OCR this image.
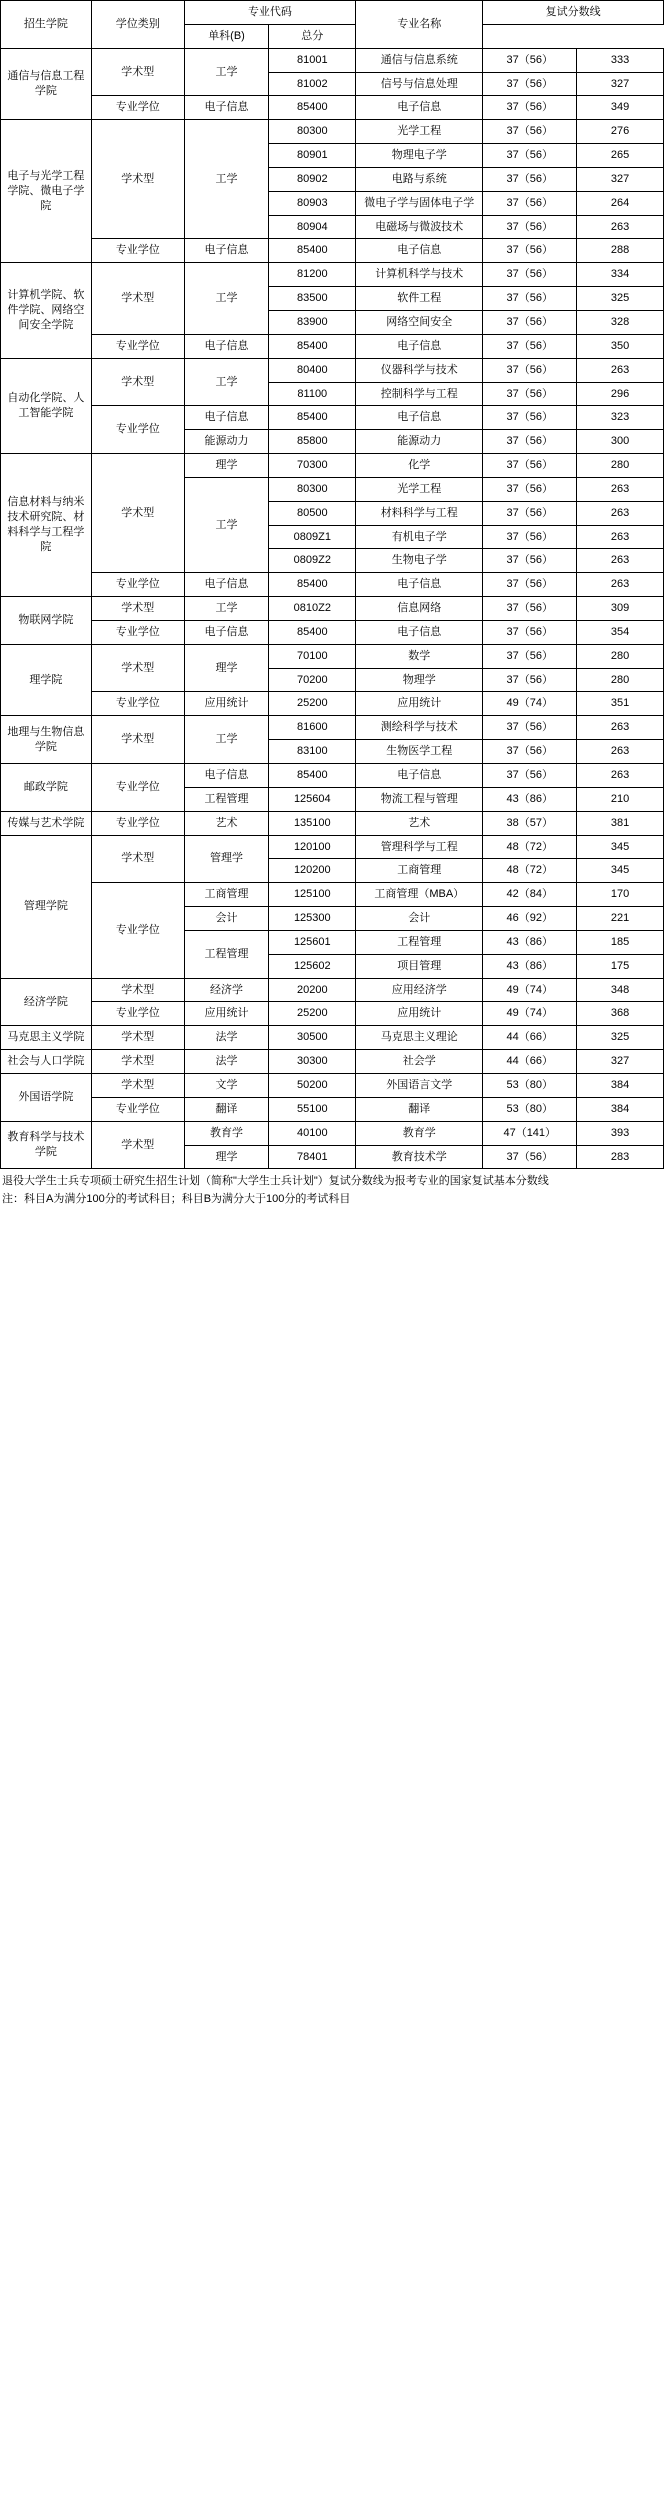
招生学院	学位类别	专业代码		专业名称	复试分数线	
		单科(B)	总分			
通信与信息工程学院	学术型	工学	81001	通信与信息系统	37（56）	333
			81002	信号与信息处理	37（56）	327
	专业学位	电子信息	85400	电子信息	37（56）	349
电子与光学工程学院、微电子学院	学术型	工学	80300	光学工程	37（56）	276
			80901	物理电子学	37（56）	265
			80902	电路与系统	37（56）	327
			80903	微电子学与固体电子学	37（56）	264
			80904	电磁场与微波技术	37（56）	263
	专业学位	电子信息	85400	电子信息	37（56）	288
计算机学院、软件学院、网络空间安全学院	学术型	工学	81200	计算机科学与技术	37（56）	334
			83500	软件工程	37（56）	325
			83900	网络空间安全	37（56）	328
	专业学位	电子信息	85400	电子信息	37（56）	350
自动化学院、人工智能学院	学术型	工学	80400	仪器科学与技术	37（56）	263
			81100	控制科学与工程	37（56）	296
	专业学位	电子信息	85400	电子信息	37（56）	323
		能源动力	85800	能源动力	37（56）	300
信息材料与纳米技术研究院、材料科学与工程学院	学术型	理学	70300	化学	37（56）	280
		工学	80300	光学工程	37（56）	263
			80500	材料科学与工程	37（56）	263
			0809Z1	有机电子学	37（56）	263
			0809Z2	生物电子学	37（56）	263
	专业学位	电子信息	85400	电子信息	37（56）	263
物联网学院	学术型	工学	0810Z2	信息网络	37（56）	309
	专业学位	电子信息	85400	电子信息	37（56）	354
理学院	学术型	理学	70100	数学	37（56）	280
			70200	物理学	37（56）	280
	专业学位	应用统计	25200	应用统计	49（74）	351
地理与生物信息学院	学术型	工学	81600	测绘科学与技术	37（56）	263
			83100	生物医学工程	37（56）	263
邮政学院	专业学位	电子信息	85400	电子信息	37（56）	263
		工程管理	125604	物流工程与管理	43（86）	210
传媒与艺术学院	专业学位	艺术	135100	艺术	38（57）	381
管理学院	学术型	管理学	120100	管理科学与工程	48（72）	345
			120200	工商管理	48（72）	345
	专业学位	工商管理	125100	工商管理（MBA）	42（84）	170
		会计	125300	会计	46（92）	221
		工程管理	125601	工程管理	43（86）	185
			125602	项目管理	43（86）	175
经济学院	学术型	经济学	20200	应用经济学	49（74）	348
	专业学位	应用统计	25200	应用统计	49（74）	368
马克思主义学院	学术型	法学	30500	马克思主义理论	44（66）	325
社会与人口学院	学术型	法学	30300	社会学	44（66）	327
外国语学院	学术型	文学	50200	外国语言文学	53（80）	384
	专业学位	翻译	55100	翻译	53（80）	384
教育科学与技术学院	学术型	教育学	40100	教育学	47（141）	393
		理学	78401	教育技术学	37（56）	283
退役大学生士兵专项硕士研究生招生计划（简称"大学生士兵计划"）复试分数线为报考专业的国家复试基本分数线
注：科目A为满分100分的考试科目；科目B为满分大于100分的考试科目
